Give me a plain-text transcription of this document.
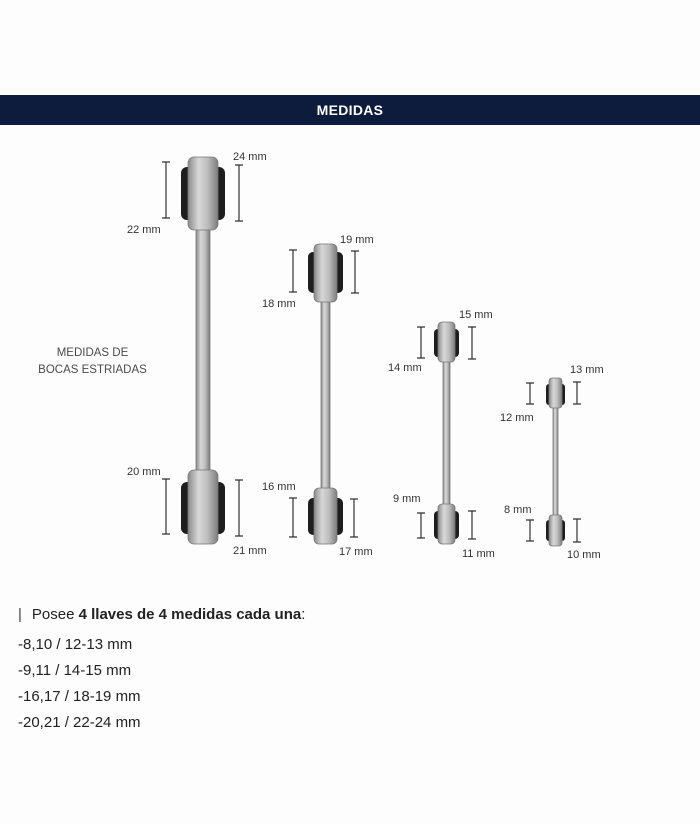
MEDIDAS
MEDIDAS DE
BOCAS ESTRIADAS
22 mm
24 mm
20 mm
21 mm
18 mm
19 mm
16 mm
17 mm
14 mm
15 mm
9 mm
11 mm
12 mm
13 mm
8 mm
10 mm
| Posee 4 llaves de 4 medidas cada una:
-8,10 / 12-13 mm
-9,11 / 14-15 mm
-16,17 / 18-19 mm
-20,21 / 22-24 mm
